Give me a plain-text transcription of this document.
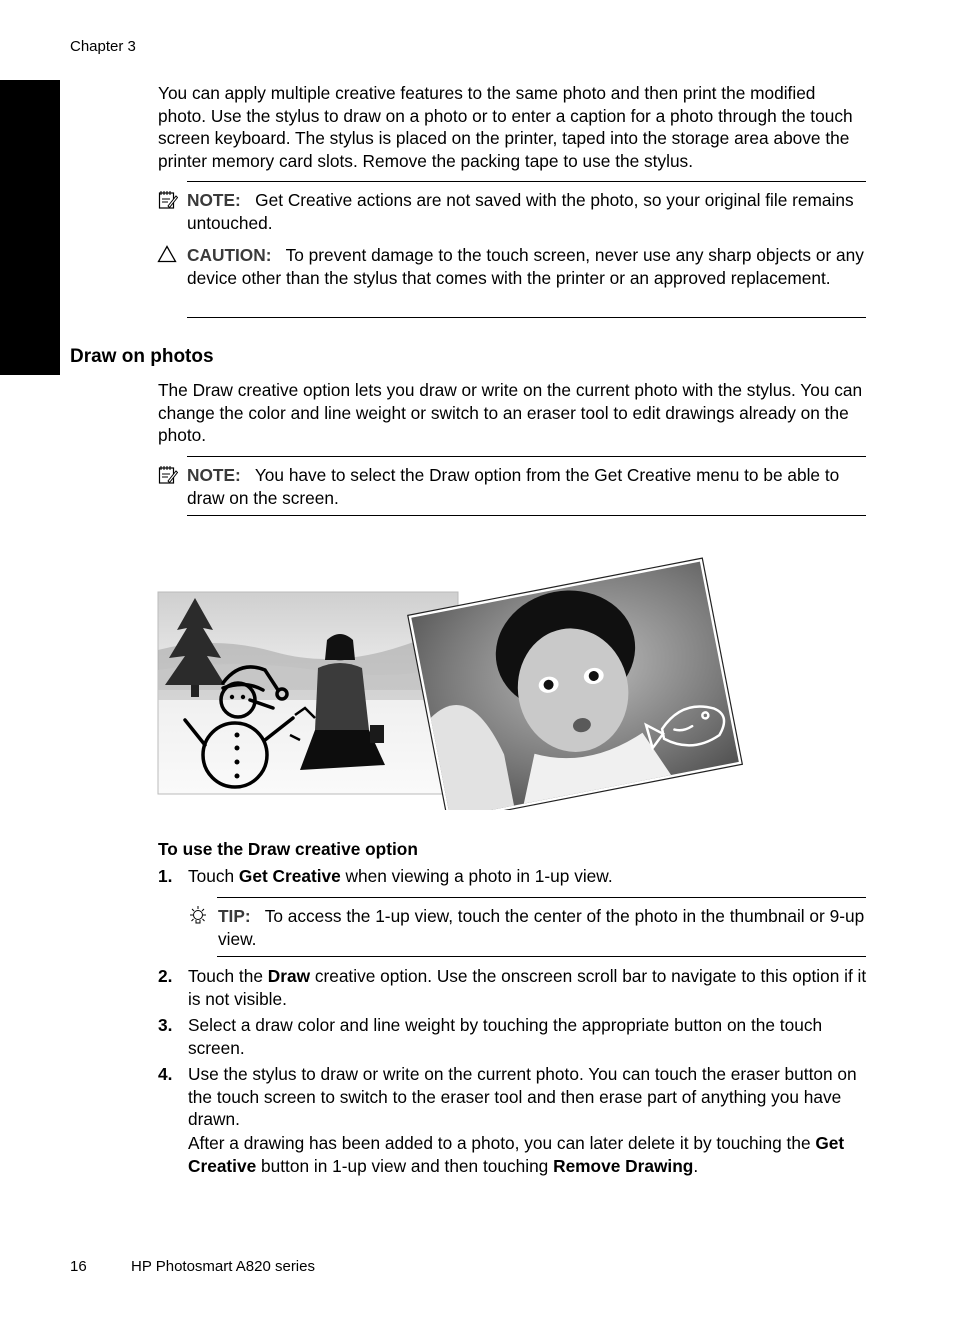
Chapter 3
English
You can apply multiple creative features to the same photo and then print the modified photo. Use the stylus to draw on a photo or to enter a caption for a photo through the touch screen keyboard. The stylus is placed on the printer, taped into the storage area above the printer memory card slots. Remove the packing tape to use the stylus.
NOTE: Get Creative actions are not saved with the photo, so your original file remains untouched.
CAUTION: To prevent damage to the touch screen, never use any sharp objects or any device other than the stylus that comes with the printer or an approved replacement.
Draw on photos
The Draw creative option lets you draw or write on the current photo with the stylus. You can change the color and line weight or switch to an eraser tool to edit drawings already on the photo.
NOTE: You have to select the Draw option from the Get Creative menu to be able to draw on the screen.
To use the Draw creative option
1. Touch Get Creative when viewing a photo in 1-up view.
TIP: To access the 1-up view, touch the center of the photo in the thumbnail or 9-up view.
2. Touch the Draw creative option. Use the onscreen scroll bar to navigate to this option if it is not visible.
3. Select a draw color and line weight by touching the appropriate button on the touch screen.
4. Use the stylus to draw or write on the current photo. You can touch the eraser button on the touch screen to switch to the eraser tool and then erase part of anything you have drawn.
After a drawing has been added to a photo, you can later delete it by touching the Get Creative button in 1-up view and then touching Remove Drawing.
16	HP Photosmart A820 series
